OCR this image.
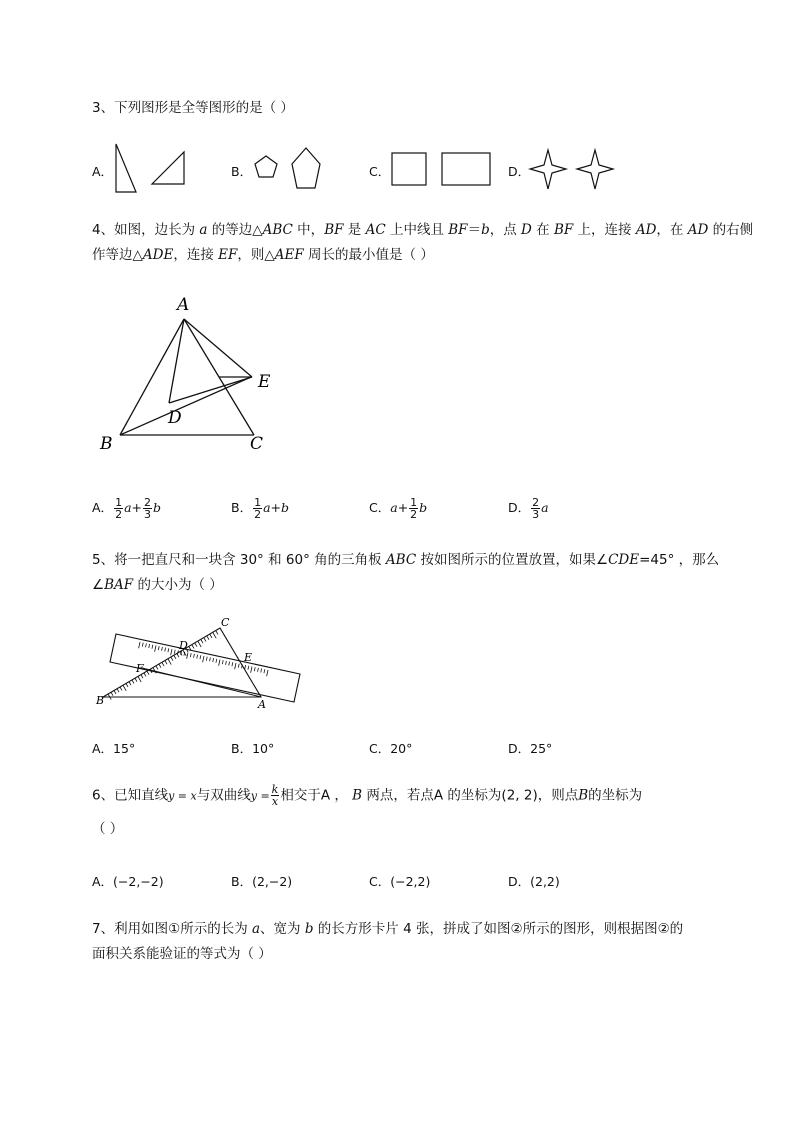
3、下列图形是全等图形的是（ ）
A．	B．	C．	D．
4、如图，边长为 a 的等边△ABC 中，BF 是 AC 上中线且 BF＝b，点 D 在 BF 上，连接 AD，在 AD 的右侧
作等边△ADE，连接 EF，则△AEF 周长的最小值是（ ）
A
B	C
D
E
A． $\frac{1}{2} a+ \frac{2}{3}$ b	B． $\frac{1}{2} a+b$	C．$a+ \frac{1}{2}$ b	D． $\frac{2}{3}$ a
5、将一把直尺和一块含 30° 和 60° 角的三角板 ABC 按如图所示的位置放置，如果∠CDE=45° ，那么
∠BAF 的大小为（ ）
B	A
C
D
E
F
A．15°	B．10°	C．20°	D．25°
6、已知直线y = x与双曲线$y = \frac{k}{x}$ 相交于A ， B 两点，若点A 的坐标为(2, 2)，则点B的坐标为
（ ）
A．(−2,−2)	B．(2,−2)	C．(−2,2)	D．(2,2)
7、利用如图①所示的长为 a、宽为 b 的长方形卡片 4 张，拼成了如图②所示的图形，则根据图②的
面积关系能验证的等式为（ ）
